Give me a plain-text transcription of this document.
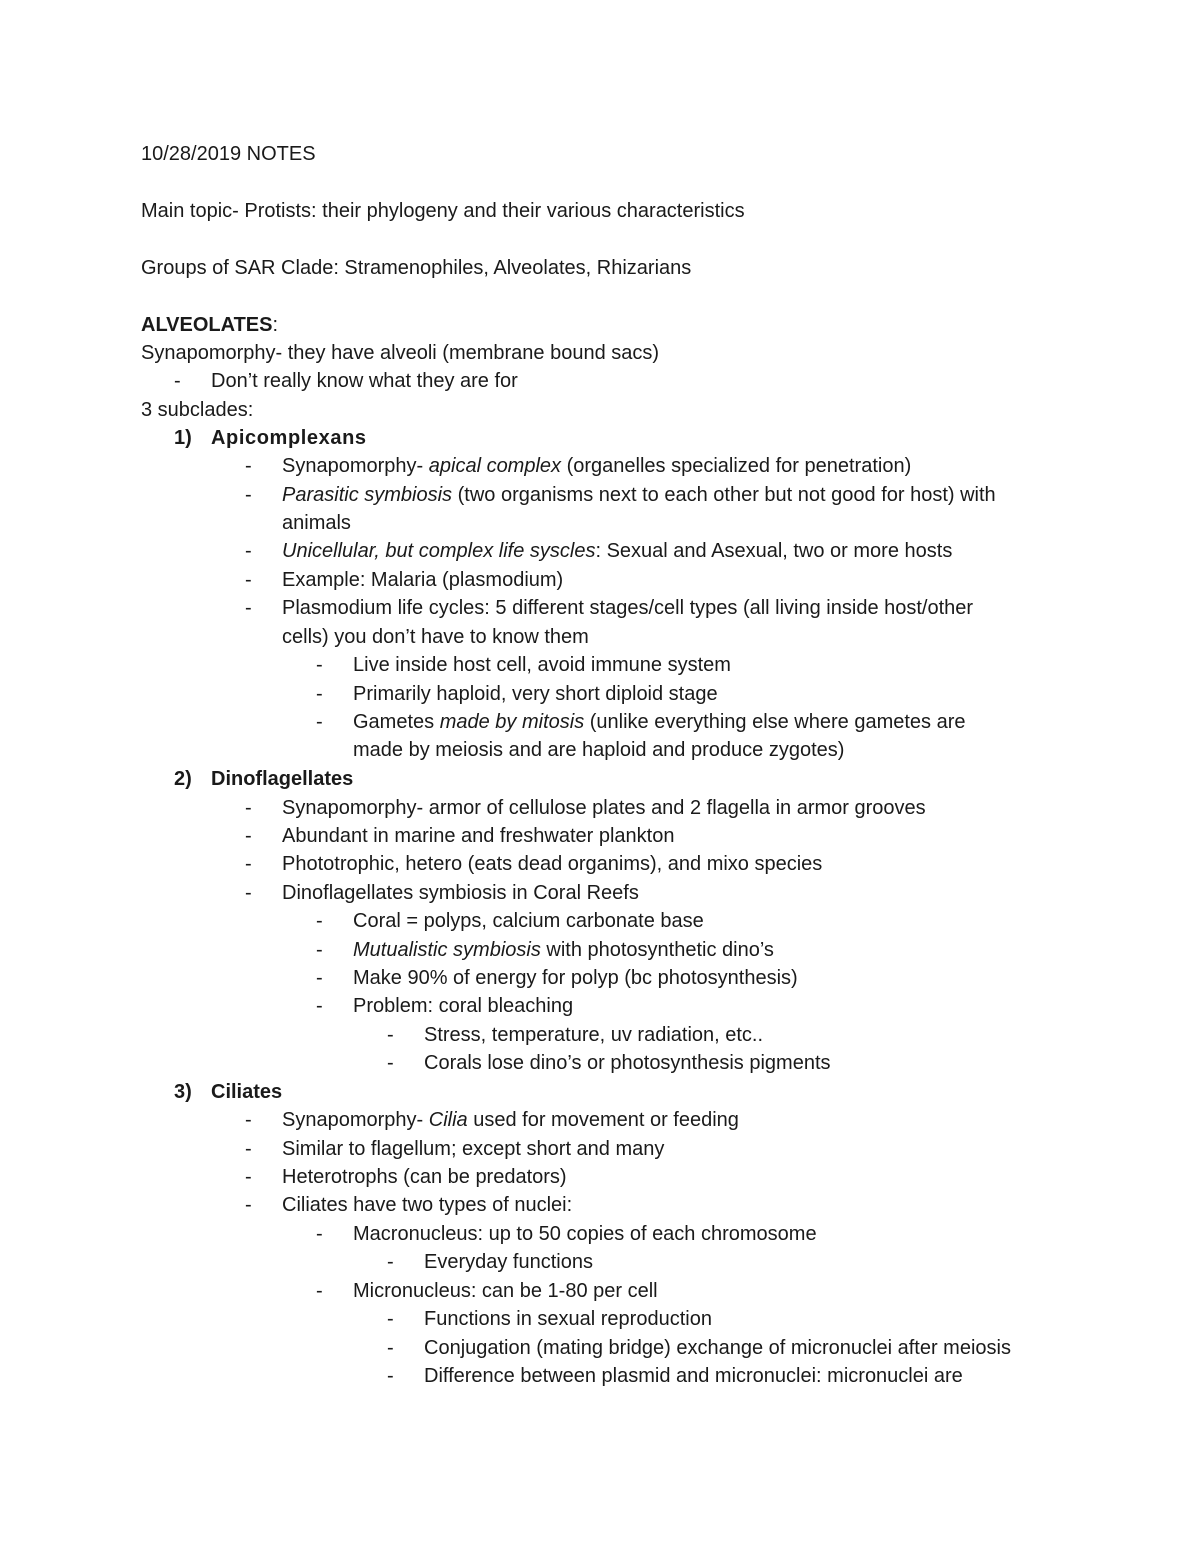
10/28/2019 NOTES
Main topic- Protists: their phylogeny and their various characteristics
Groups of SAR Clade: Stramenophiles, Alveolates, Rhizarians
ALVEOLATES:
Synapomorphy- they have alveoli (membrane bound sacs)
- Don’t really know what they are for
3 subclades:
1) Apicomplexans
- Synapomorphy- apical complex (organelles specialized for penetration)
- Parasitic symbiosis (two organisms next to each other but not good for host) with
animals
- Unicellular, but complex life syscles: Sexual and Asexual, two or more hosts
- Example: Malaria (plasmodium)
- Plasmodium life cycles: 5 different stages/cell types (all living inside host/other
cells) you don’t have to know them
- Live inside host cell, avoid immune system
- Primarily haploid, very short diploid stage
- Gametes made by mitosis (unlike everything else where gametes are
made by meiosis and are haploid and produce zygotes)
2) Dinoflagellates
- Synapomorphy- armor of cellulose plates and 2 flagella in armor grooves
- Abundant in marine and freshwater plankton
- Phototrophic, hetero (eats dead organims), and mixo species
- Dinoflagellates symbiosis in Coral Reefs
- Coral = polyps, calcium carbonate base
- Mutualistic symbiosis with photosynthetic dino’s
- Make 90% of energy for polyp (bc photosynthesis)
- Problem: coral bleaching
- Stress, temperature, uv radiation, etc..
- Corals lose dino’s or photosynthesis pigments
3) Ciliates
- Synapomorphy- Cilia used for movement or feeding
- Similar to flagellum; except short and many
- Heterotrophs (can be predators)
- Ciliates have two types of nuclei:
- Macronucleus: up to 50 copies of each chromosome
- Everyday functions
- Micronucleus: can be 1-80 per cell
- Functions in sexual reproduction
- Conjugation (mating bridge) exchange of micronuclei after meiosis
- Difference between plasmid and micronuclei: micronuclei are
